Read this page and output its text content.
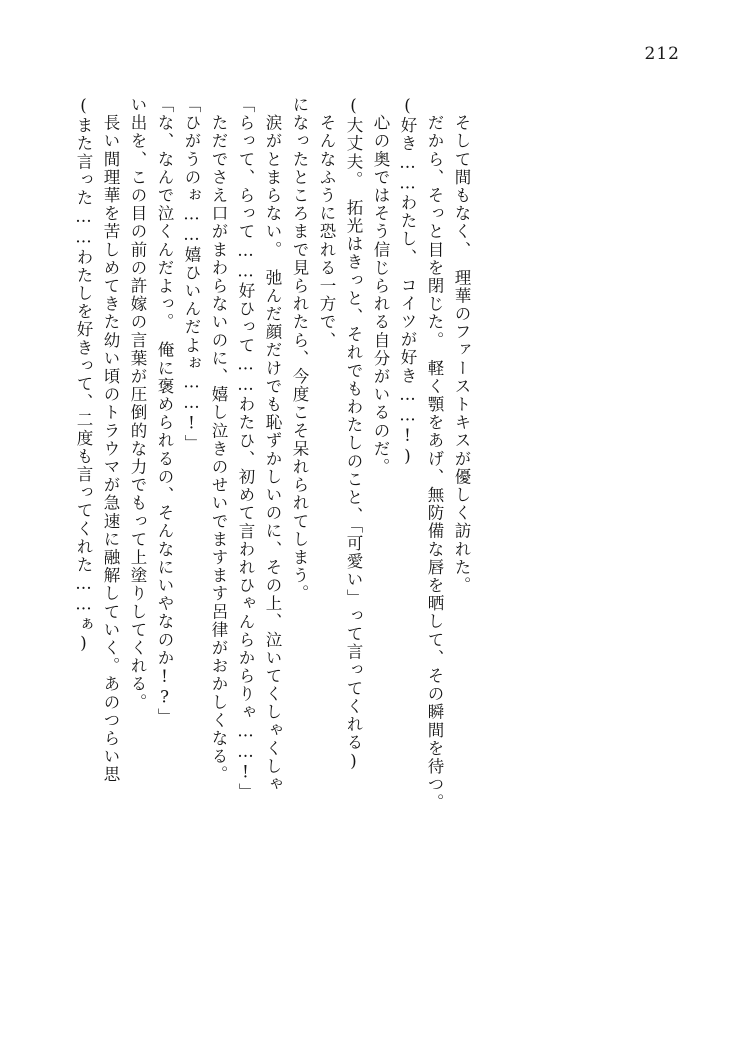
212
(また言った……わたしを好きって、二度も言ってくれた……ぁ) 　長い間理華を苦しめてきた幼い頃のトラウマが急速に融解していく。あのつらい思 い出を、この目の前の許嫁の言葉が圧倒的な力でもって上塗りしてくれる。 「な、なんで泣くんだよっ。　俺に褒められるの、そんなにいやなのか!?」 「ひがうのぉ……嬉ひいんだよぉ……!」 　ただでさえ口がまわらないのに、嬉し泣きのせいでますます呂律がおかしくなる。 「らって、らって……好ひって……わたひ、初めて言われひゃんらからりゃ……!」 　涙がとまらない。　弛んだ顔だけでも恥ずかしいのに、その上、泣いてくしゃくしゃ になったところまで見られたら、今度こそ呆れられてしまう。 　そんなふうに恐れる一方で、 (大丈夫。　拓光はきっと、それでもわたしのこと、「可愛い」って言ってくれる) 　心の奥ではそう信じられる自分がいるのだ。 (好き……わたし、　コイツが好き……!) 　だから、そっと目を閉じた。　軽く顎をあげ、無防備な唇を晒して、その瞬間を待つ。 　そして間もなく、　理華のファーストキスが優しく訪れた。
